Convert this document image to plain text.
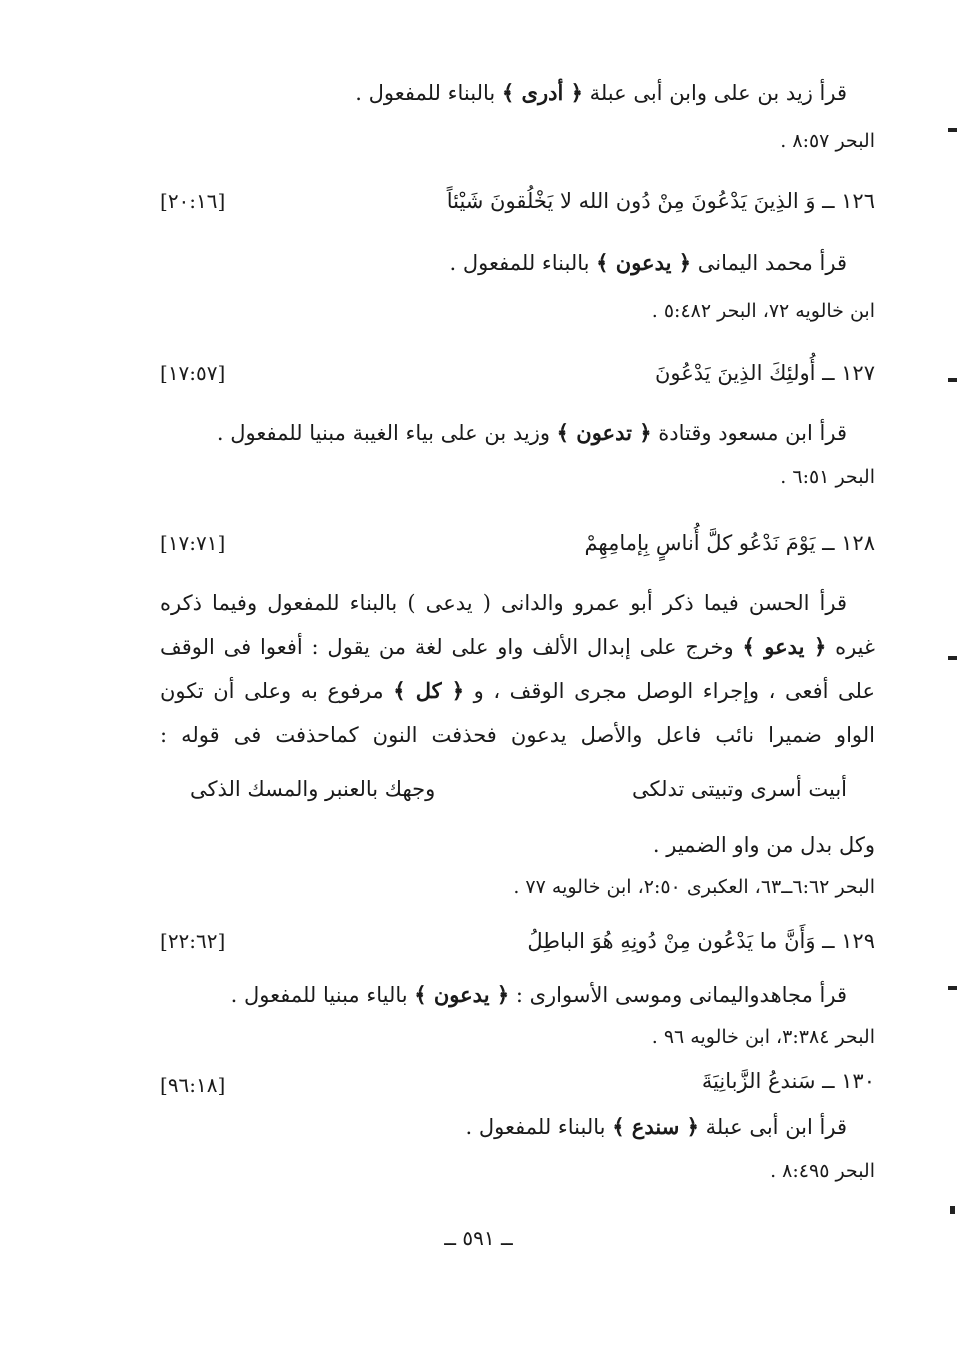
قرأ زيد بن على وابن أبى عبلة ﴿ أدرى ﴾ بالبناء للمفعول .
البحر ٨:٥٧ .
١٢٦ ــ وَ الذِينَ يَدْعُونَ مِنْ دُون الله لا يَخْلُقونَ شَيْئاً
[٢٠:١٦]
قرأ محمد اليمانى ﴿ يدعون ﴾ بالبناء للمفعول .
ابن خالويه ٧٢، البحر ٥:٤٨٢ .
١٢٧ ــ أُولئِكَ الذِينَ يَدْعُونَ
[١٧:٥٧]
قرأ ابن مسعود وقتادة ﴿ تدعون ﴾ وزيد بن على بياء الغيبة مبنيا للمفعول .
البحر ٦:٥١ .
١٢٨ ــ يَوْمَ نَدْعُو كلَّ أُناسٍ بِإمامِهِمْ
[١٧:٧١]
قرأ الحسن فيما ذكر أبو عمرو والدانى ( يدعى ) بالبناء للمفعول وفيما ذكره
غيره ﴿ يدعو ﴾ وخرج على إبدال الألف واو على لغة من يقول : أفعوا فى الوقف
على أفعى ، وإجراء الوصل مجرى الوقف ، و ﴿ كل ﴾ مرفوع به وعلى أن تكون
الواو ضميرا نائب فاعل والأصل يدعون فحذفت النون كماحذفت فى قوله :
أبيت أسرى وتبيتى تدلكى
وجهك بالعنبر والمسك الذكى
وكل بدل من واو الضمير .
البحر ٦:٦٢ــ٦٣، العكبرى ٢:٥٠، ابن خالويه ٧٧ .
١٢٩ ــ وَأَنَّ ما يَدْعُون مِنْ دُونِهِ هُوَ الباطِلُ
[٢٢:٦٢]
قرأ مجاهدواليمانى وموسى الأسوارى : ﴿ يدعون ﴾ بالياء مبنيا للمفعول .
البحر ٣:٣٨٤، ابن خالويه ٩٦ .
١٣٠ ــ سَندعُ الزَّبانِيَةَ
[٩٦:١٨]
قرأ ابن أبى عبلة ﴿ سندع ﴾ بالبناء للمفعول .
البحر ٨:٤٩٥ .
ــ ٥٩١ ــ
